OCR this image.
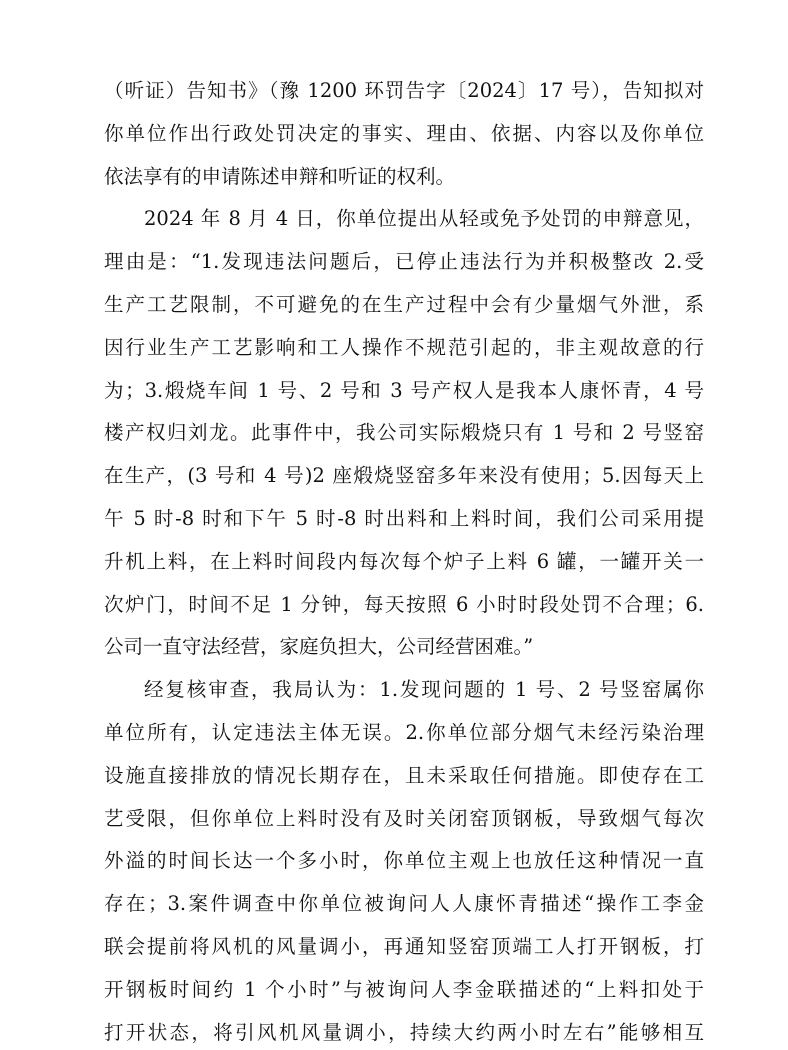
（听证）告知书》（豫 1200 环罚告字〔2024〕17 号），告知拟对
你单位作出行政处罚决定的事实、理由、依据、内容以及你单位
依法享有的申请陈述申辩和听证的权利。
2024 年 8 月 4 日，你单位提出从轻或免予处罚的申辩意见，
理由是：“1.发现违法问题后，已停止违法行为并积极整改 2.受
生产工艺限制，不可避免的在生产过程中会有少量烟气外泄，系
因行业生产工艺影响和工人操作不规范引起的，非主观故意的行
为；3.煅烧车间 1 号、2 号和 3 号产权人是我本人康怀青，4 号
楼产权归刘龙。此事件中，我公司实际煅烧只有 1 号和 2 号竖窑
在生产，(3 号和 4 号)2 座煅烧竖窑多年来没有使用；5.因每天上
午 5 时-8 时和下午 5 时-8 时出料和上料时间，我们公司采用提
升机上料，在上料时间段内每次每个炉子上料 6 罐，一罐开关一
次炉门，时间不足 1 分钟，每天按照 6 小时时段处罚不合理；6.
公司一直守法经营，家庭负担大，公司经营困难。”
经复核审查，我局认为：1.发现问题的 1 号、2 号竖窑属你
单位所有，认定违法主体无误。2.你单位部分烟气未经污染治理
设施直接排放的情况长期存在，且未采取任何措施。即使存在工
艺受限，但你单位上料时没有及时关闭窑顶钢板，导致烟气每次
外溢的时间长达一个多小时，你单位主观上也放任这种情况一直
存在；3.案件调查中你单位被询问人人康怀青描述“操作工李金
联会提前将风机的风量调小，再通知竖窑顶端工人打开钢板，打
开钢板时间约 1 个小时”与被询问人李金联描述的“上料扣处于
打开状态，将引风机风量调小，持续大约两小时左右”能够相互
